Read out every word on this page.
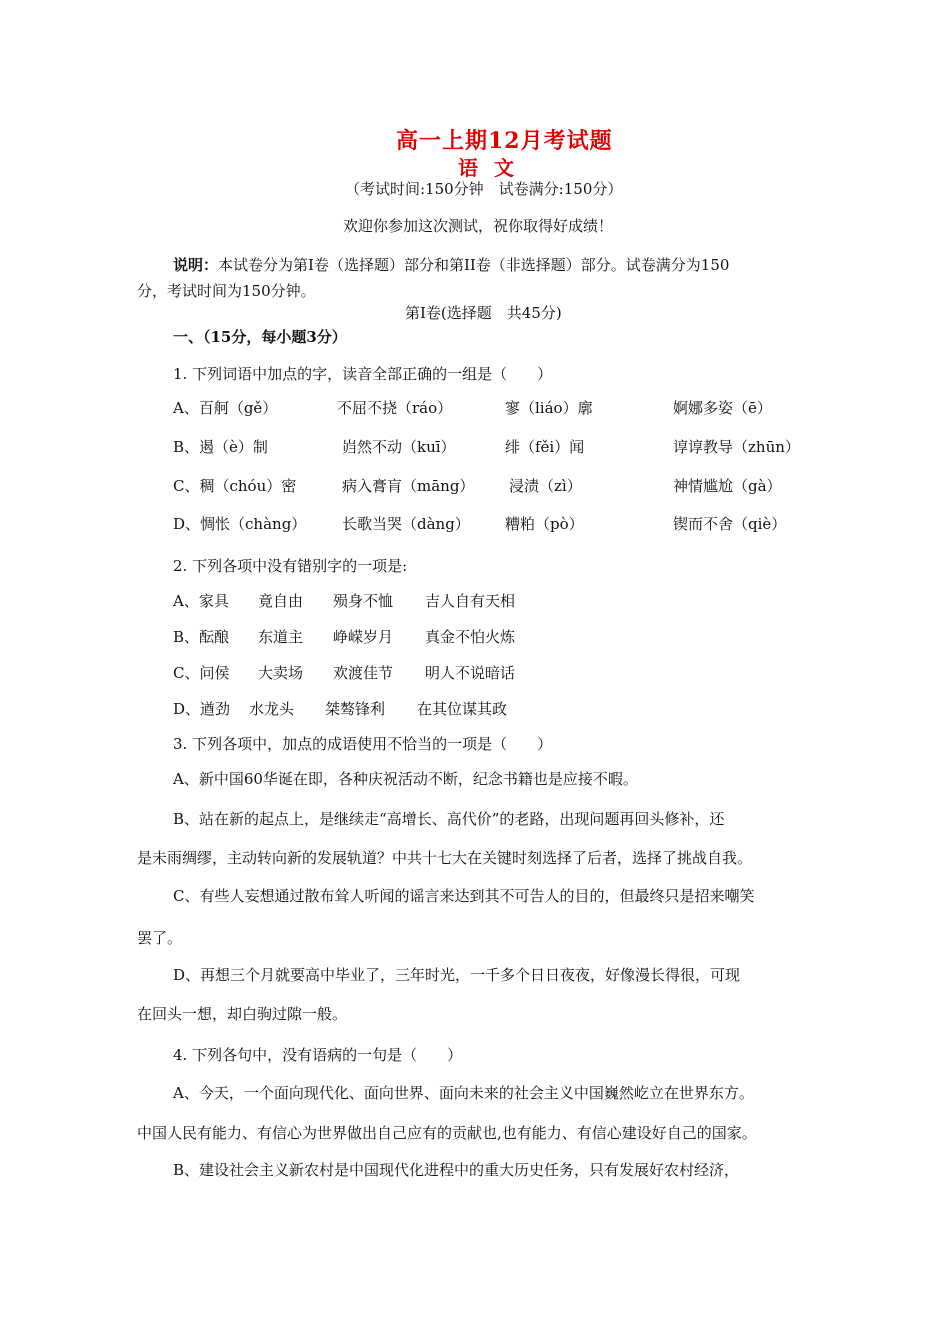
高一上期12月考试题
语文
（考试时间:150分钟　试卷满分:150分）
欢迎你参加这次测试，祝你取得好成绩！
说明：本试卷分为第Ⅰ卷（选择题）部分和第II卷（非选择题）部分。试卷满分为150
分，考试时间为150分钟。
第Ⅰ卷(选择题　共45分)
一、（15分，每小题3分）
1. 下列词语中加点的字，读音全部正确的一组是（　　）
A、百舸（gě）	不屈不挠（ráo）	寥（liáo）廓	婀娜多姿（ē）
B、遏（è）制	岿然不动（kuī）	绯（fěi）闻	谆谆教导（zhūn）
C、稠（chóu）密	病入膏肓（māng） 浸渍（zì）	神情尴尬（gà）
D、惆怅（chàng） 长歌当哭（dàng） 糟粕（pò）	锲而不舍（qiè）
2. 下列各项中没有错别字的一项是:
A、家具 竟自由 殒身不恤 吉人自有天相
B、酝酿 东道主 峥嵘岁月 真金不怕火炼
C、问侯 大卖场 欢渡佳节 明人不说暗话
D、遒劲 水龙头 桀骜锋利 在其位谋其政
3. 下列各项中，加点的成语使用不恰当的一项是（　　）
A、新中国60华诞在即，各种庆祝活动不断，纪念书籍也是应接不暇。
B、站在新的起点上，是继续走“高增长、高代价”的老路，出现问题再回头修补，还
是未雨绸缪，主动转向新的发展轨道？中共十七大在关键时刻选择了后者，选择了挑战自我。
C、有些人妄想通过散布耸人听闻的谣言来达到其不可告人的目的，但最终只是招来嘲笑
罢了。
D、再想三个月就要高中毕业了，三年时光，一千多个日日夜夜，好像漫长得很，可现
在回头一想，却白驹过隙一般。
4. 下列各句中，没有语病的一句是（　　）
A、今天，一个面向现代化、面向世界、面向未来的社会主义中国巍然屹立在世界东方。
中国人民有能力、有信心为世界做出自己应有的贡献也,也有能力、有信心建设好自己的国家。
B、建设社会主义新农村是中国现代化进程中的重大历史任务，只有发展好农村经济，
